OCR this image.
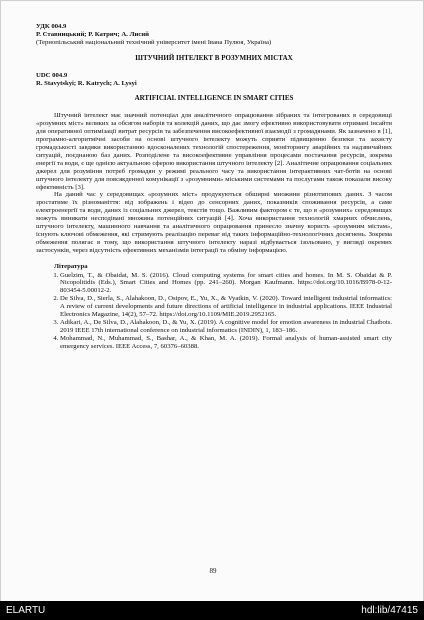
УДК 004.9
Р. Ставницький; Р. Катрич; А. Лисий
(Тернопільський національний технічний університет імені Івана Пулюя, Україна)
ШТУЧНИЙ ІНТЕЛЕКТ В РОЗУМНИХ МІСТАХ
UDC 004.9
R. Stavytskyi; R. Katrych; A. Lysyi
ARTIFICIAL INTELLIGENCE IN SMART CITIES

Штучний інтелект має значний потенціал для аналітичного опрацювання зібраних та інтегрованих в середовищі «розумних міст» великих за обсягом наборів та колекцій даних, що дає змогу ефективно використовувати отримані інсайти для оперативної оптимізації витрат ресурсів та забезпечення високоефективної взаємодії з громадянами. Як зазначено в [1], програмно-алгоритмічні засоби на основі штучного інтелекту можуть сприяти підвищенню безпеки та захисту громадськості завдяки використанню вдосконалених технологій спостереження, моніторингу аварійних та надзвичайних ситуацій, поєднаною баз даних. Розподілене та високоефективне управління процесами постачання ресурсів, зокрема енергії та води, є ще однією актуальною сферою використання штучного інтелекту [2]. Аналітичне опрацювання соціальних джерел для розуміння потреб громадян у режимі реального часу та використання інтерактивних чат-ботів на основі штучного інтелекту для повсякденної комунікації з «розумними» міськими системами та послугами також показали високу ефективність [3].

На даний час у середовищах «розумних міст» продукуються обширні множини різнотипових даних. З часом зростатиме їх різноманіття: від зображень і відео до сенсорних даних, показників споживання ресурсів, а саме електроенергії та води, даних із соціальних джерел, текстів тощо. Важливим фактором є те, що в «розумних» середовищах можуть виникати несподівані множина потенційних ситуацій [4]. Хоча використання технологій хмарних обчислень, штучного інтелекту, машинного навчання та аналітичного опрацювання принесло значну користь «розумним містам», існують ключові обмеження, які стримують реалізацію переваг від таких інформаційно-технологічних досягнень. Зокрема обмеження полягає в тому, що використання штучного інтелекту наразі відбувається ізольовано, у вигляді окремих застосунків, через відсутність ефективних механізмів інтеграції та обміну інформацією.

Література
1. Guelzim, T., & Obaidat, M. S. (2016). Cloud computing systems for smart cities and homes. In M. S. Obaidat & P. Nicopolitidis (Eds.), Smart Cities and Homes (pp. 241–260). Morgan Kaufmann. https://doi.org/10.1016/B978-0-12-803454-5.00012-2.
2. De Silva, D., Sierla, S., Alahakoon, D., Osipov, E., Yu, X., & Vyatkin, V. (2020). Toward intelligent industrial informatics: A review of current developments and future directions of artificial intelligence in industrial applications. IEEE Industrial Electronics Magazine, 14(2), 57–72. https://doi.org/10.1109/MIE.2019.2952165.
3. Adikari, A., De Silva, D., Alahakoon, D., & Yu, X. (2019). A cognitive model for emotion awareness in industrial Chatbots. 2019 IEEE 17th international conference on industrial informatics (INDIN), 1, 183–186.
4. Mohammad, N., Muhammad, S., Bashar, A., & Khan, M. A. (2019). Formal analysis of human-assisted smart city emergency services. IEEE Access, 7, 60376–60388.
89
ELARTU	hdl:lib/47415
